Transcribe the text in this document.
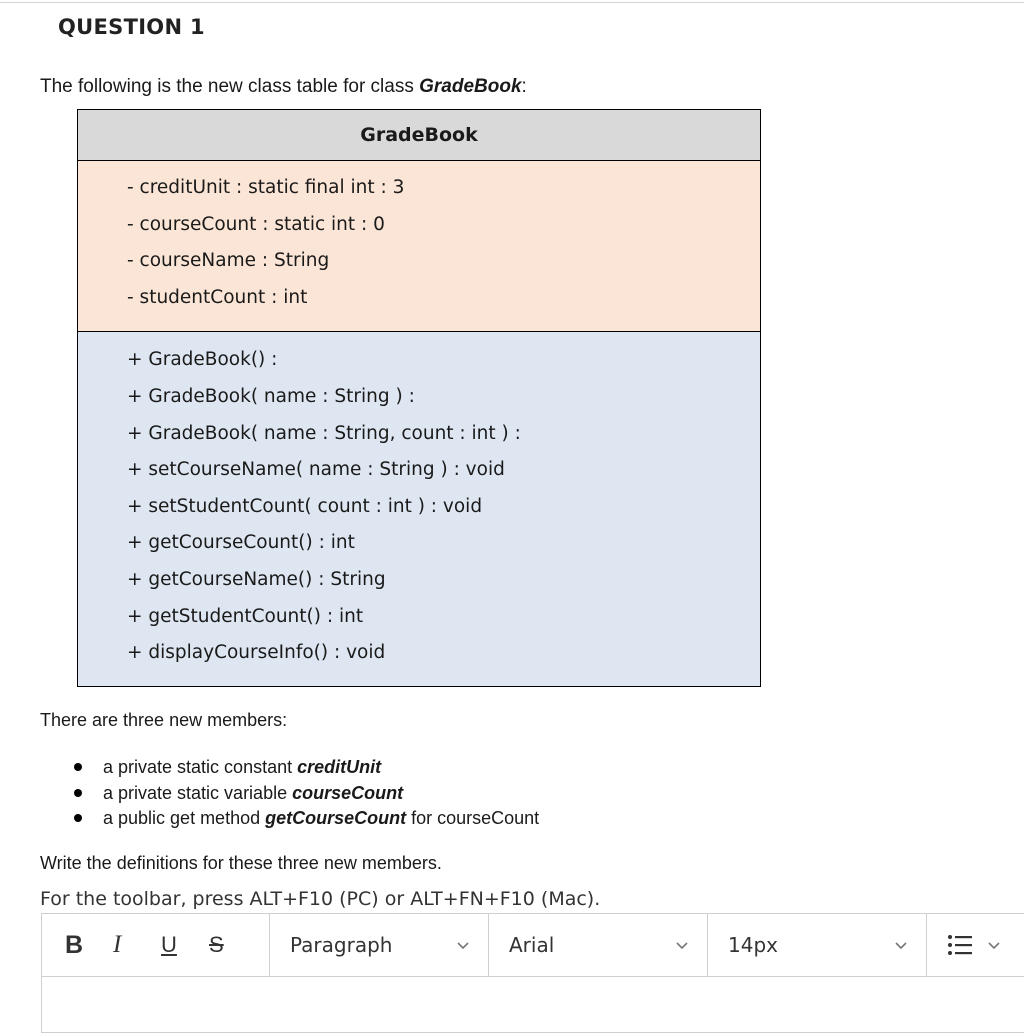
QUESTION 1
The following is the new class table for class GradeBook:
GradeBook
- creditUnit : static final int : 3
- courseCount : static int : 0
- courseName : String
- studentCount : int
+ GradeBook() :
+ GradeBook( name : String ) :
+ GradeBook( name : String, count : int ) :
+ setCourseName( name : String ) : void
+ setStudentCount( count : int ) : void
+ getCourseCount() : int
+ getCourseName() : String
+ getStudentCount() : int
+ displayCourseInfo() : void
There are three new members:
a private static constant creditUnit
a private static variable courseCount
a public get method getCourseCount for courseCount
Write the definitions for these three new members.
For the toolbar, press ALT+F10 (PC) or ALT+FN+F10 (Mac).
B	I	U	S	Paragraph	Arial	14px
